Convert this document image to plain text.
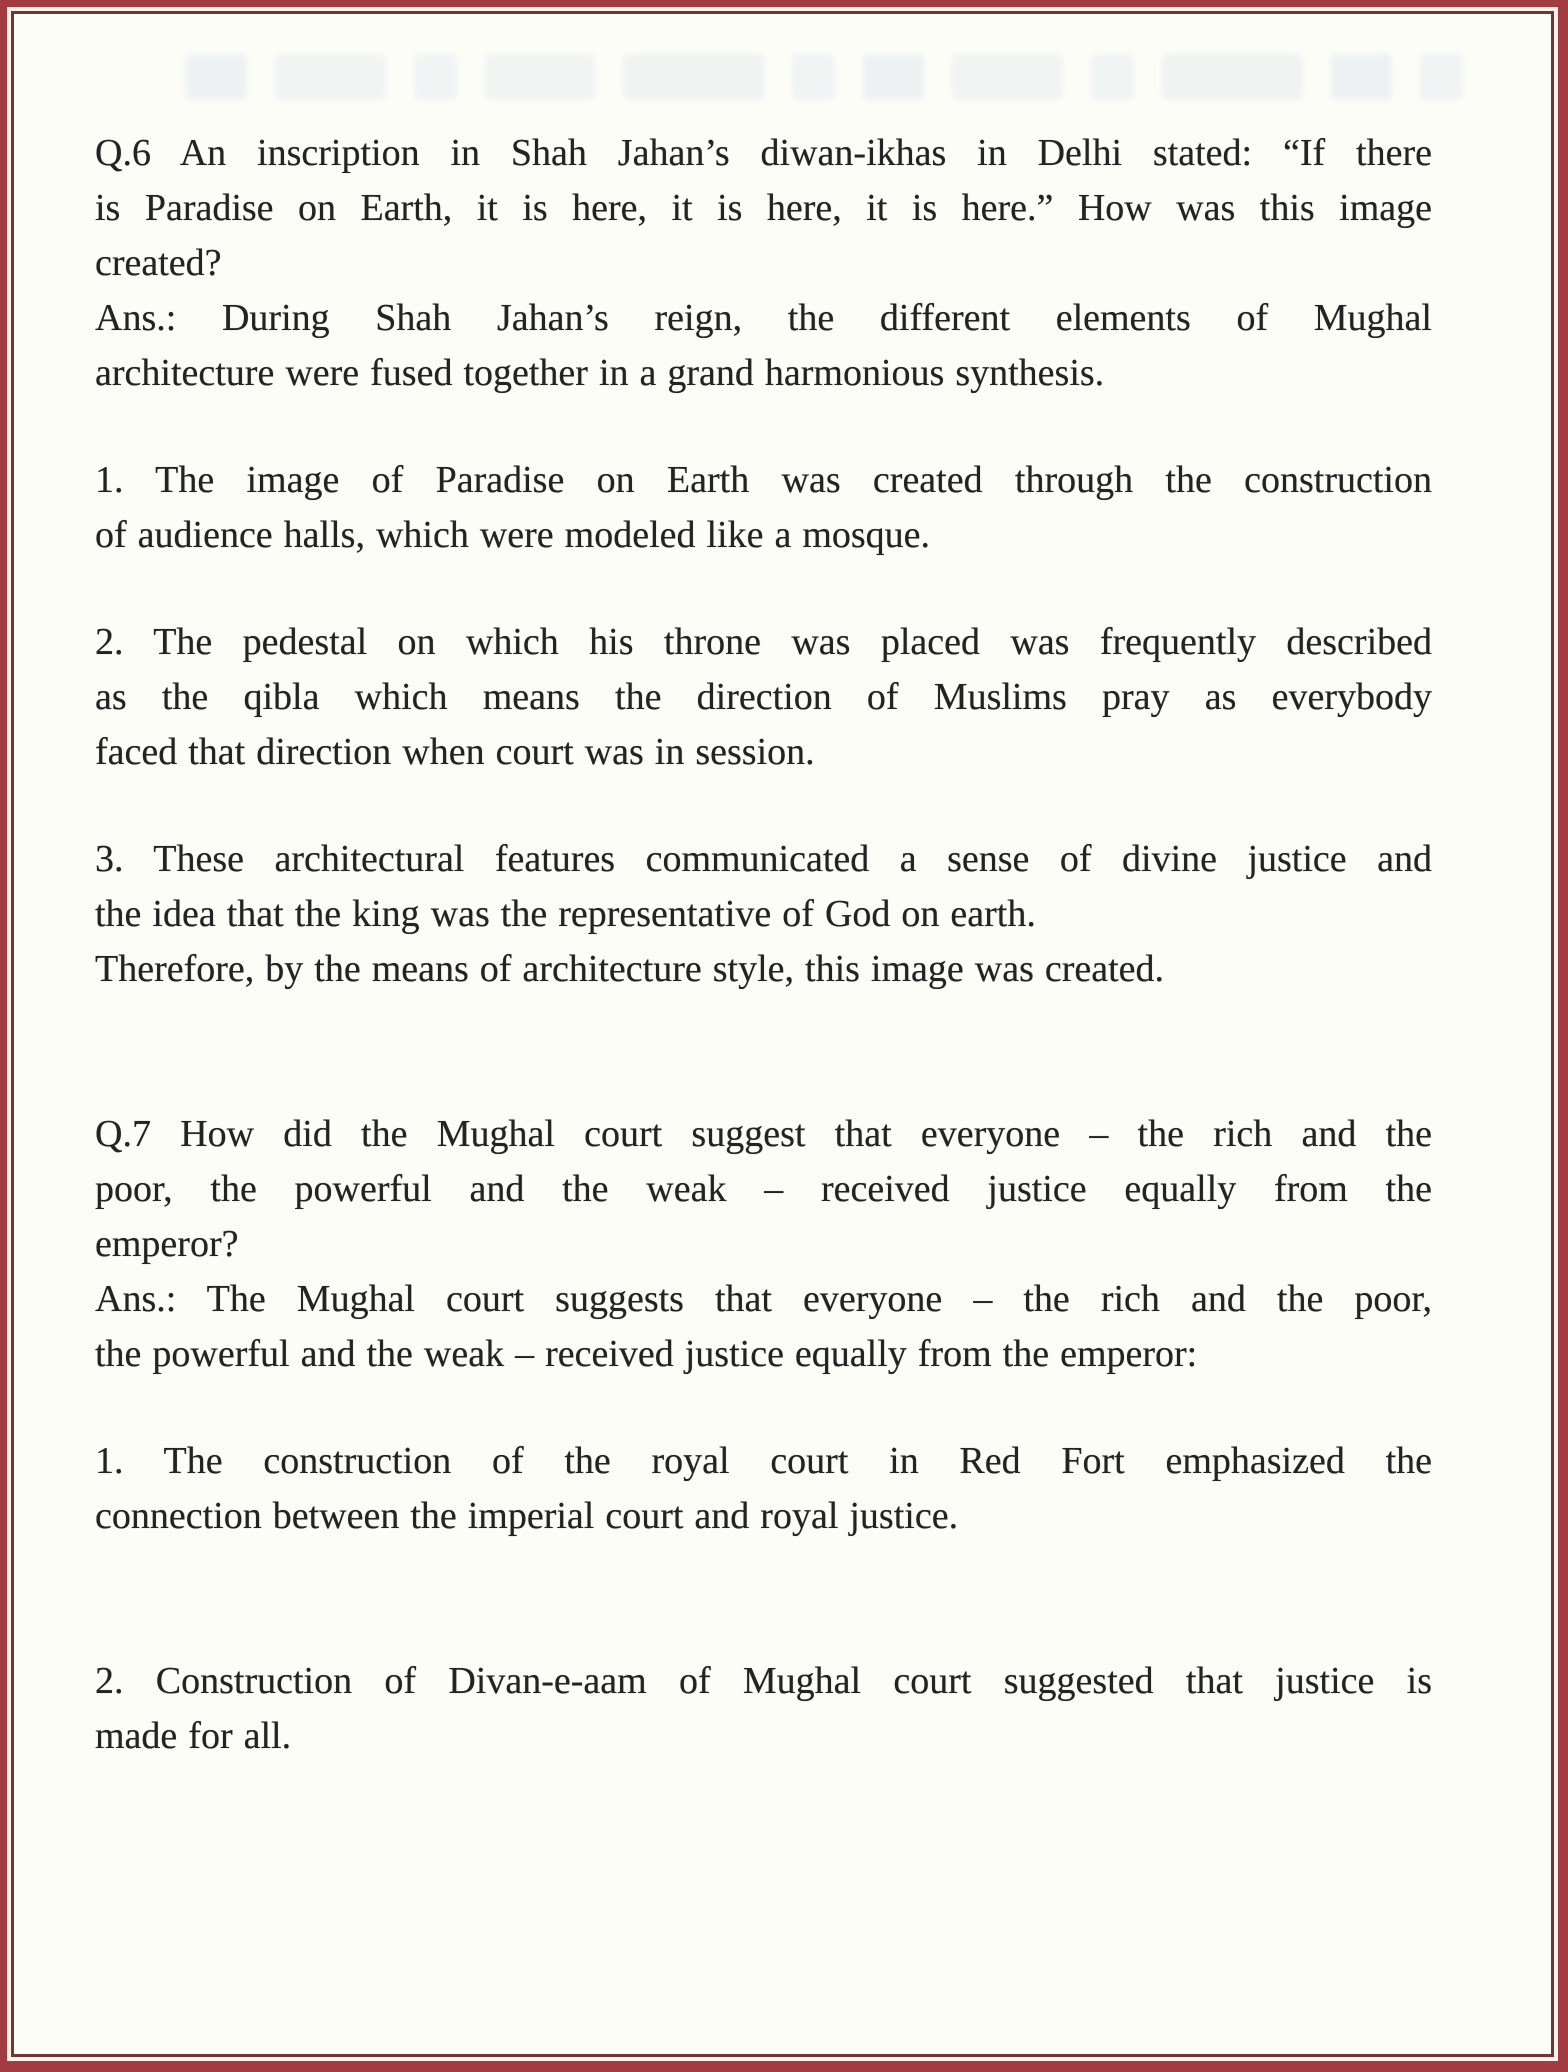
Q.6 An inscription in Shah Jahan’s diwan-ikhas in Delhi stated: “If there
is Paradise on Earth, it is here, it is here, it is here.” How was this image
created?
Ans.: During Shah Jahan’s reign, the different elements of Mughal
architecture were fused together in a grand harmonious synthesis.
1. The image of Paradise on Earth was created through the construction
of audience halls, which were modeled like a mosque.
2. The pedestal on which his throne was placed was frequently described
as the qibla which means the direction of Muslims pray as everybody
faced that direction when court was in session.
3. These architectural features communicated a sense of divine justice and
the idea that the king was the representative of God on earth.
Therefore, by the means of architecture style, this image was created.
Q.7 How did the Mughal court suggest that everyone – the rich and the
poor, the powerful and the weak – received justice equally from the
emperor?
Ans.: The Mughal court suggests that everyone – the rich and the poor,
the powerful and the weak – received justice equally from the emperor:
1. The construction of the royal court in Red Fort emphasized the
connection between the imperial court and royal justice.
2. Construction of Divan-e-aam of Mughal court suggested that justice is
made for all.
